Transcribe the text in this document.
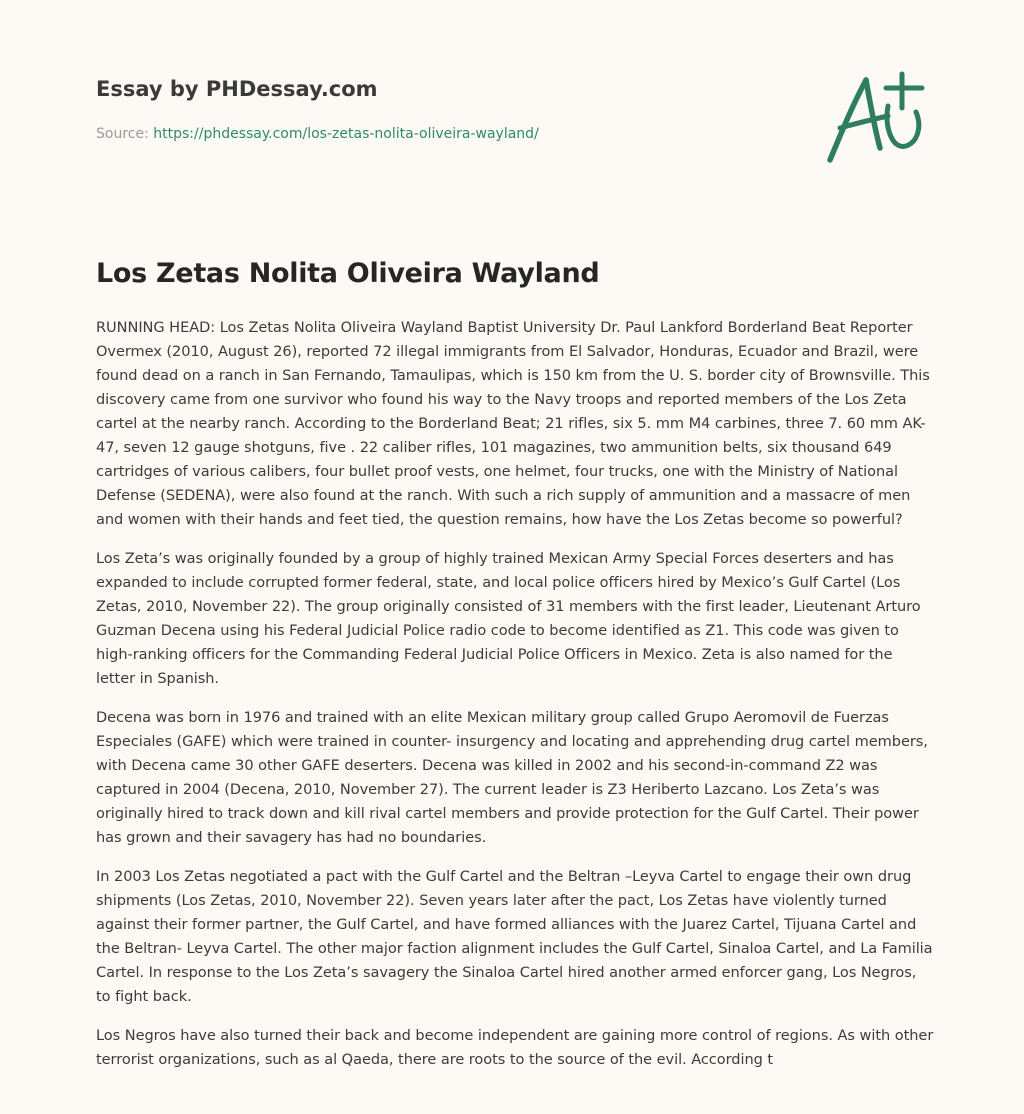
Essay by PHDessay.com
Source: https://phdessay.com/los-zetas-nolita-oliveira-wayland/
Los Zetas Nolita Oliveira Wayland

RUNNING HEAD: Los Zetas Nolita Oliveira Wayland Baptist University Dr. Paul Lankford Borderland Beat Reporter Overmex (2010, August 26), reported 72 illegal immigrants from El Salvador, Honduras, Ecuador and Brazil, were found dead on a ranch in San Fernando, Tamaulipas, which is 150 km from the U. S. border city of Brownsville. This discovery came from one survivor who found his way to the Navy troops and reported members of the Los Zeta cartel at the nearby ranch. According to the Borderland Beat; 21 rifles, six 5. mm M4 carbines, three 7. 60 mm AK-47, seven 12 gauge shotguns, five . 22 caliber rifles, 101 magazines, two ammunition belts, six thousand 649 cartridges of various calibers, four bullet proof vests, one helmet, four trucks, one with the Ministry of National Defense (SEDENA), were also found at the ranch. With such a rich supply of ammunition and a massacre of men and women with their hands and feet tied, the question remains, how have the Los Zetas become so powerful?

Los Zeta’s was originally founded by a group of highly trained Mexican Army Special Forces deserters and has expanded to include corrupted former federal, state, and local police officers hired by Mexico’s Gulf Cartel (Los Zetas, 2010, November 22). The group originally consisted of 31 members with the first leader, Lieutenant Arturo Guzman Decena using his Federal Judicial Police radio code to become identified as Z1. This code was given to high-ranking officers for the Commanding Federal Judicial Police Officers in Mexico. Zeta is also named for the letter in Spanish.

Decena was born in 1976 and trained with an elite Mexican military group called Grupo Aeromovil de Fuerzas Especiales (GAFE) which were trained in counter- insurgency and locating and apprehending drug cartel members, with Decena came 30 other GAFE deserters. Decena was killed in 2002 and his second-in-command Z2 was captured in 2004 (Decena, 2010, November 27). The current leader is Z3 Heriberto Lazcano. Los Zeta’s was originally hired to track down and kill rival cartel members and provide protection for the Gulf Cartel. Their power has grown and their savagery has had no boundaries.

In 2003 Los Zetas negotiated a pact with the Gulf Cartel and the Beltran –Leyva Cartel to engage their own drug shipments (Los Zetas, 2010, November 22). Seven years later after the pact, Los Zetas have violently turned against their former partner, the Gulf Cartel, and have formed alliances with the Juarez Cartel, Tijuana Cartel and the Beltran- Leyva Cartel. The other major faction alignment includes the Gulf Cartel, Sinaloa Cartel, and La Familia Cartel. In response to the Los Zeta’s savagery the Sinaloa Cartel hired another armed enforcer gang, Los Negros, to fight back.

Los Negros have also turned their back and become independent are gaining more control of regions. As with other terrorist organizations, such as al Qaeda, there are roots to the source of the evil. According t
